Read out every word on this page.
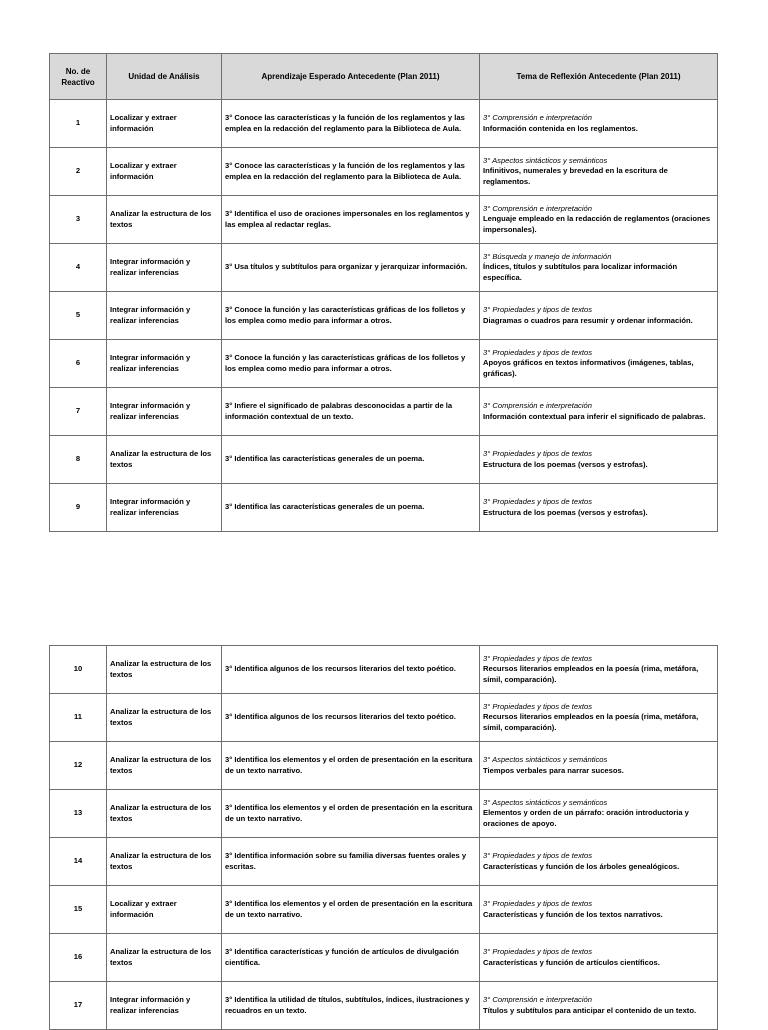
No. de Reactivo	Unidad de Análisis	Aprendizaje Esperado Antecedente (Plan 2011)	Tema de Reflexión Antecedente (Plan 2011)
1	Localizar y extraer información	3° Conoce las características y la función de los reglamentos y las emplea en la redacción del reglamento para la Biblioteca de Aula.	3° Comprensión e interpretación
Información contenida en los reglamentos.

2	Localizar y extraer información	3° Conoce las características y la función de los reglamentos y las emplea en la redacción del reglamento para la Biblioteca de Aula.	3° Aspectos sintácticos y semánticos
Infinitivos, numerales y brevedad en la escritura de reglamentos.

3	Analizar la estructura de los textos	3° Identifica el uso de oraciones impersonales en los reglamentos y las emplea al redactar reglas.	3° Comprensión e interpretación
Lenguaje empleado en la redacción de reglamentos (oraciones impersonales).

4	Integrar información y realizar inferencias	3° Usa títulos y subtítulos para organizar y jerarquizar información.	3° Búsqueda y manejo de información
Índices, títulos y subtítulos para localizar información específica.

5	Integrar información y realizar inferencias	3° Conoce la función y las características gráficas de los folletos y los emplea como medio para informar a otros.	3° Propiedades y tipos de textos
Diagramas o cuadros para resumir y ordenar información.

6	Integrar información y realizar inferencias	3° Conoce la función y las características gráficas de los folletos y los emplea como medio para informar a otros.	3° Propiedades y tipos de textos
Apoyos gráficos en textos informativos (imágenes, tablas, gráficas).

7	Integrar información y realizar inferencias	3° Infiere el significado de palabras desconocidas a partir de la información contextual de un texto.	3° Comprensión e interpretación
Información contextual para inferir el significado de palabras.

8	Analizar la estructura de los textos	3° Identifica las características generales de un poema.	3° Propiedades y tipos de textos
Estructura de los poemas (versos y estrofas).

9	Integrar información y realizar inferencias	3° Identifica las características generales de un poema.	3° Propiedades y tipos de textos
Estructura de los poemas (versos y estrofas).
10	Analizar la estructura de los textos	3° Identifica algunos de los recursos literarios del texto poético.	3° Propiedades y tipos de textos
Recursos literarios empleados en la poesía (rima, metáfora, símil, comparación).

11	Analizar la estructura de los textos	3° Identifica algunos de los recursos literarios del texto poético.	3° Propiedades y tipos de textos
Recursos literarios empleados en la poesía (rima, metáfora, símil, comparación).

12	Analizar la estructura de los textos	3° Identifica los elementos y el orden de presentación en la escritura de un texto narrativo.	3° Aspectos sintácticos y semánticos
Tiempos verbales para narrar sucesos.

13	Analizar la estructura de los textos	3° Identifica los elementos y el orden de presentación en la escritura de un texto narrativo.	3° Aspectos sintácticos y semánticos
Elementos y orden de un párrafo: oración introductoria y oraciones de apoyo.

14	Analizar la estructura de los textos	3° Identifica información sobre su familia diversas fuentes orales y escritas.	3° Propiedades y tipos de textos
Características y función de los árboles genealógicos.

15	Localizar y extraer información	3° Identifica los elementos y el orden de presentación en la escritura de un texto narrativo.	3° Propiedades y tipos de textos
Características y función de los textos narrativos.

16	Analizar la estructura de los textos	3° Identifica características y función de artículos de divulgación científica.	3° Propiedades y tipos de textos
Características y función de artículos científicos.

17	Integrar información y realizar inferencias	3° Identifica la utilidad de títulos, subtítulos, índices, ilustraciones y recuadros en un texto.	3° Comprensión e interpretación
Títulos y subtítulos para anticipar el contenido de un texto.
